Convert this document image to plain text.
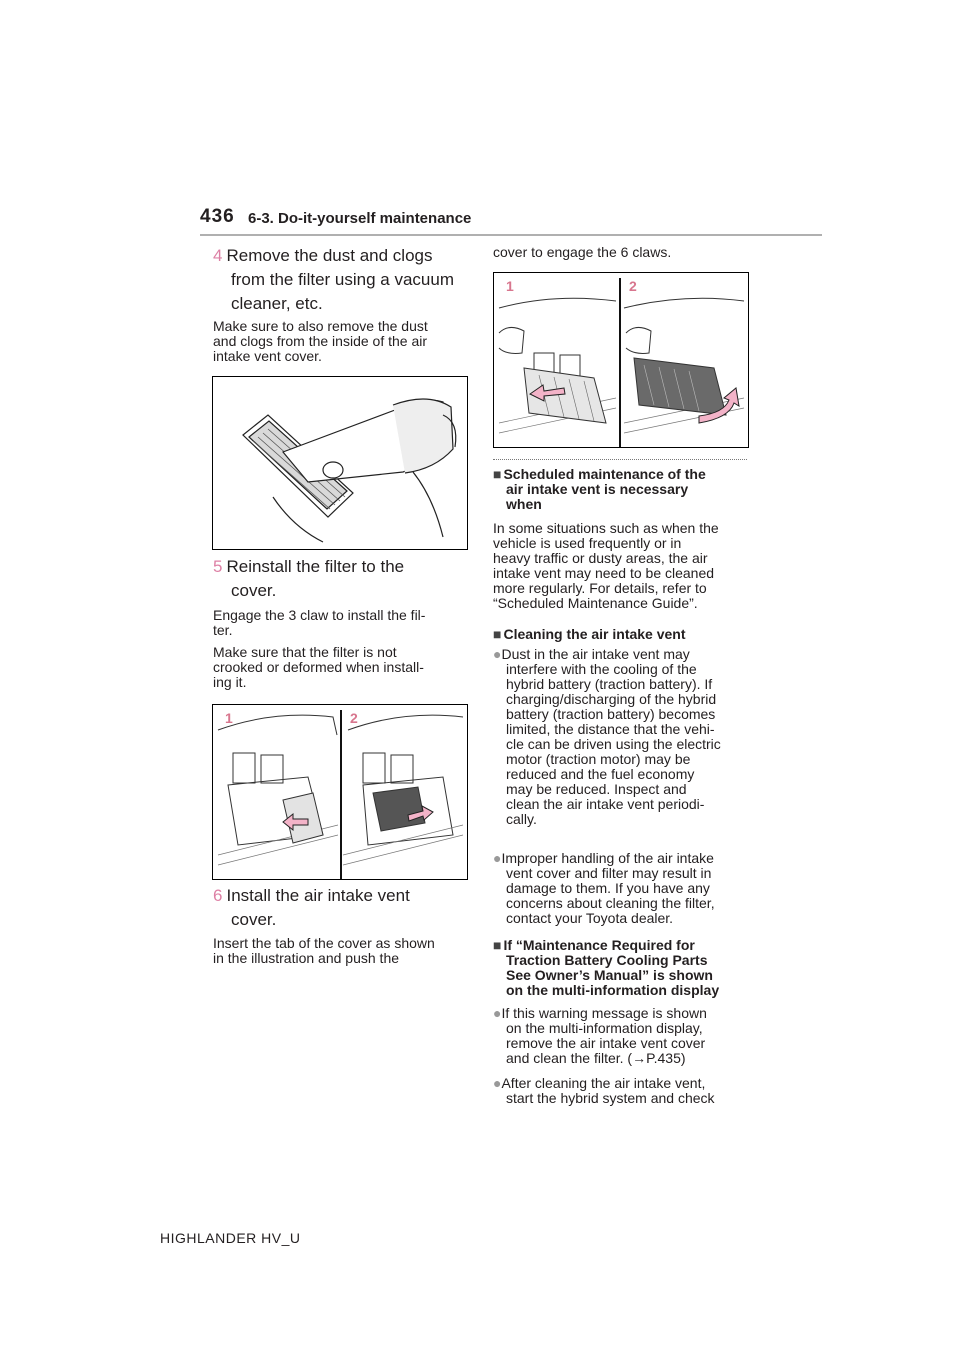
436 6-3. Do-it-yourself maintenance
4 Remove the dust and clogs
from the filter using a vacuum
cleaner, etc.
Make sure to also remove the dust
and clogs from the inside of the air
intake vent cover.
5 Reinstall the filter to the
cover.
Engage the 3 claw to install the fil-
ter.
Make sure that the filter is not
crooked or deformed when install-
ing it.
1	2
6 Install the air intake vent
cover.
Insert the tab of the cover as shown
in the illustration and push the
cover to engage the 6 claws.
1	2
■ Scheduled maintenance of the
air intake vent is necessary
when
In some situations such as when the
vehicle is used frequently or in
heavy traffic or dusty areas, the air
intake vent may need to be cleaned
more regularly. For details, refer to
“Scheduled Maintenance Guide”.
■ Cleaning the air intake vent
●Dust in the air intake vent may
interfere with the cooling of the
hybrid battery (traction battery). If
charging/discharging of the hybrid
battery (traction battery) becomes
limited, the distance that the vehi-
cle can be driven using the electric
motor (traction motor) may be
reduced and the fuel economy
may be reduced. Inspect and
clean the air intake vent periodi-
cally.
●Improper handling of the air intake
vent cover and filter may result in
damage to them. If you have any
concerns about cleaning the filter,
contact your Toyota dealer.
■ If “Maintenance Required for
Traction Battery Cooling Parts
See Owner’s Manual” is shown
on the multi-information display
●If this warning message is shown
on the multi-information display,
remove the air intake vent cover
and clean the filter. (→P.435)
●After cleaning the air intake vent,
start the hybrid system and check
HIGHLANDER HV_U
